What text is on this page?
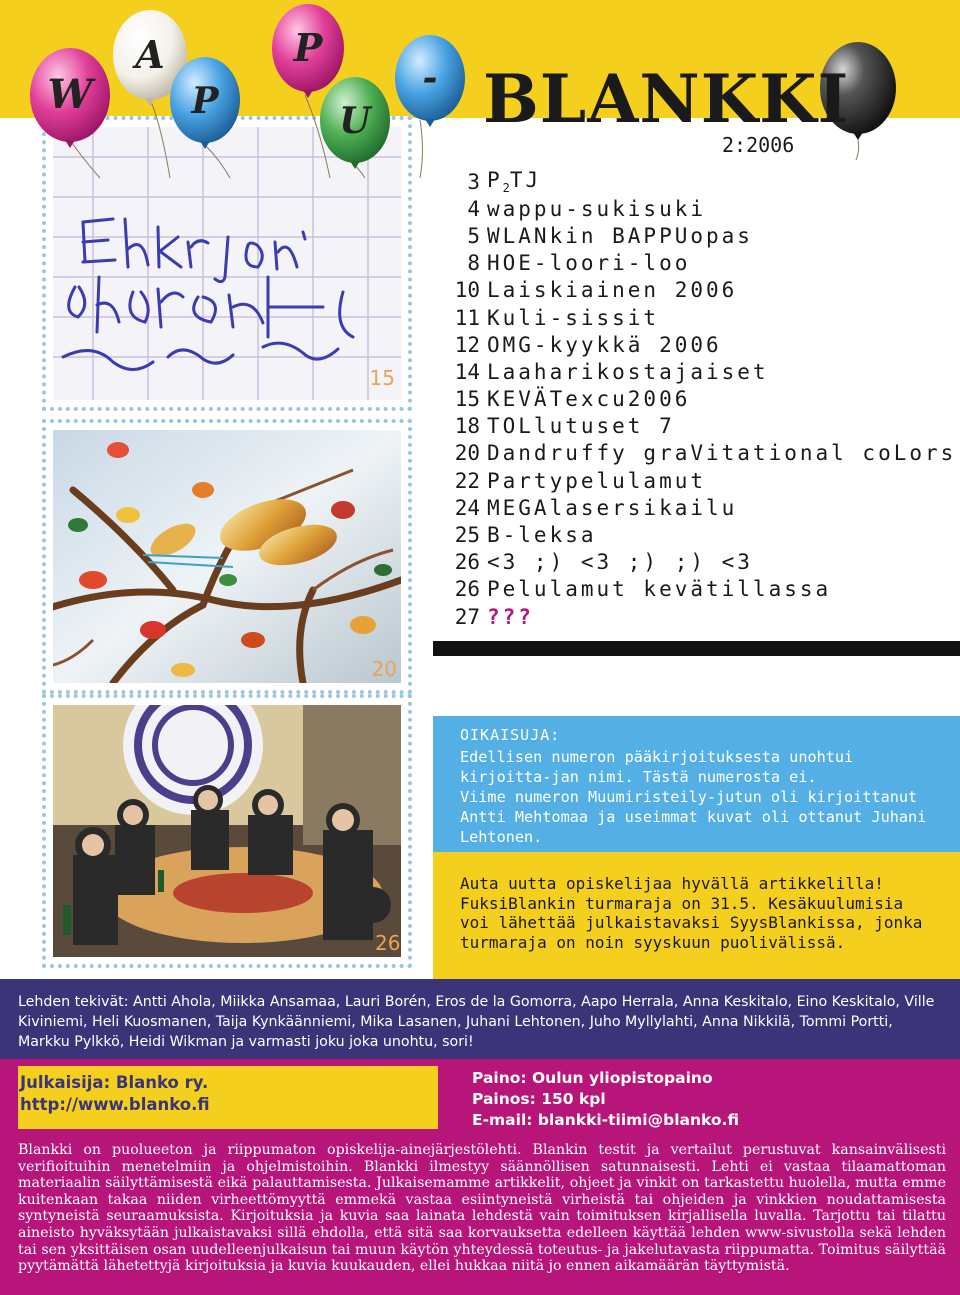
15
20
26
W
A
P
P
U
- BLANKKI
2:2006
3 $P_2TJ$
4 wappu-sukisuki
5 WLANkin BAPPUopas
8 HOE-loori-loo
10 Laiskiainen 2006
11 Kuli-sissit
12 OMG-kyykkä 2006
14 Laaharikostajaiset
15 KEVÄTexcu2006
18 TOLlutuset 7
20 Dandruffy graVitational coLors
22 Partypelulamut
24 MEGAlasersikailu
25 B-leksa
26 <3 ;) <3 ;) ;) <3
26 Pelulamut kevätillassa
27 ???
OIKAISUJA:

Edellisen numeron pääkirjoituksesta unohtui kirjoitta-jan nimi. Tästä numerosta ei.

Viime numeron Muumiristeily-jutun oli kirjoittanut Antti Mehtomaa ja useimmat kuvat oli ottanut Juhani Lehtonen.

Auta uutta opiskelijaa hyvällä artikkelilla!
FuksiBlankin turmaraja on 31.5. Kesäkuulumisia
voi lähettää julkaistavaksi SyysBlankissa, jonka
turmaraja on noin syyskuun puolivälissä.

Lehden tekivät: Antti Ahola, Miikka Ansamaa, Lauri Borén, Eros de la Gomorra, Aapo Herrala, Anna Keskitalo, Eino Keskitalo, Ville Kiviniemi, Heli Kuosmanen, Taija Kynkäänniemi, Mika Lasanen, Juhani Lehtonen, Juho Myllylahti, Anna Nikkilä, Tommi Portti, Markku Pylkkö, Heidi Wikman ja varmasti joku joka unohtu, sori!

Julkaisija: Blanko ry.
http://www.blanko.fi
Paino: Oulun yliopistopaino
Painos: 150 kpl
E-mail: blankki-tiimi@blanko.fi

Blankki on puolueeton ja riippumaton opiskelija-ainejärjestölehti. Blankin testit ja vertailut perustuvat kansainvälisesti verifioituihin menetelmiin ja ohjelmistoihin. Blankki ilmestyy säännöllisen satunnaisesti. Lehti ei vastaa tilaamattoman materiaalin säilyttämisestä eikä palauttamisesta. Julkaisemamme artikkelit, ohjeet ja vinkit on tarkastettu huolella, mutta emme kuitenkaan takaa niiden virheettömyyttä emmekä vastaa esiintyneistä virheistä tai ohjeiden ja vinkkien noudattamisesta syntyneistä seuraamuksista. Kirjoituksia ja kuvia saa lainata lehdestä vain toimituksen kirjallisella luvalla. Tarjottu tai tilattu aineisto hyväksytään julkaistavaksi sillä ehdolla, että sitä saa korvauksetta edelleen käyttää lehden www-sivustolla sekä lehden tai sen yksittäisen osan uudelleenjulkaisun tai muun käytön yhteydessä toteutus- ja jakelutavasta riippumatta. Toimitus säilyttää pyytämättä lähetettyjä kirjoituksia ja kuvia kuukauden, ellei hukkaa niitä jo ennen aikamäärän täyttymistä.
